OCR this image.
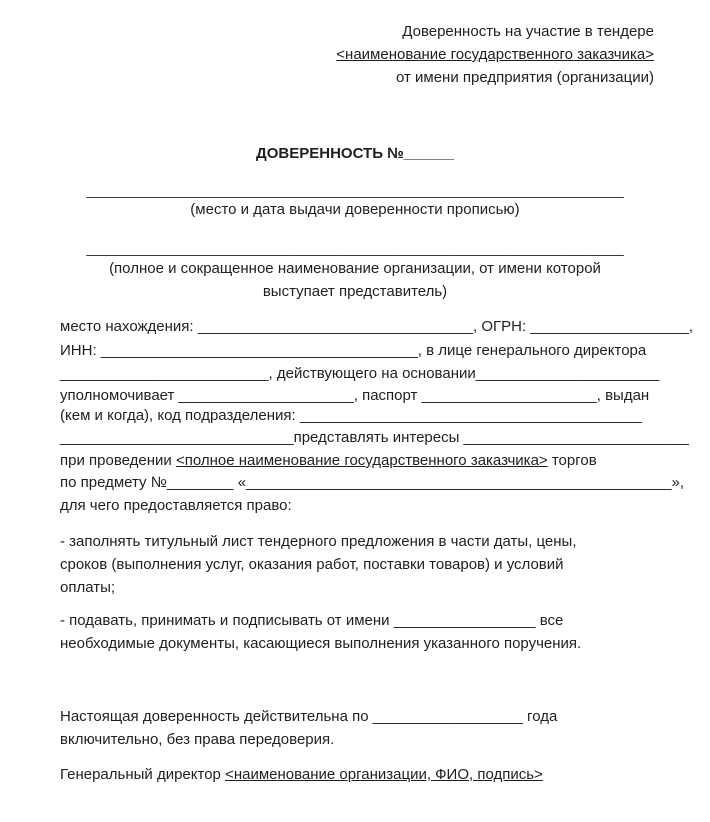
Доверенность на участие в тендере
<наименование государственного заказчика>
от имени предприятия (организации)
ДОВЕРЕННОСТЬ №______
_____________________________________________________________________
(место и дата выдачи доверенности прописью)
_____________________________________________________________________
(полное и сокращенное наименование организации, от имени которой
выступает представитель)
место нахождения: _________________________________, ОГРН: ___________________,
ИНН: ______________________________________, в лице генерального директора
_________________________, действующего на основании______________________
уполномочивает _____________________, паспорт _____________________, выдан
(кем и когда), код подразделения: _________________________________________
____________________________представлять интересы ___________________________
при проведении <полное наименование государственного заказчика> торгов
по предмету №________ «___________________________________________________»,
для чего предоставляется право:
- заполнять титульный лист тендерного предложения в части даты, цены,
сроков (выполнения услуг, оказания работ, поставки товаров) и условий
оплаты;
- подавать, принимать и подписывать от имени _________________ все
необходимые документы, касающиеся выполнения указанного поручения.
Настоящая доверенность действительна по __________________ года
включительно, без права передоверия.
Генеральный директор <наименование организации, ФИО, подпись>
